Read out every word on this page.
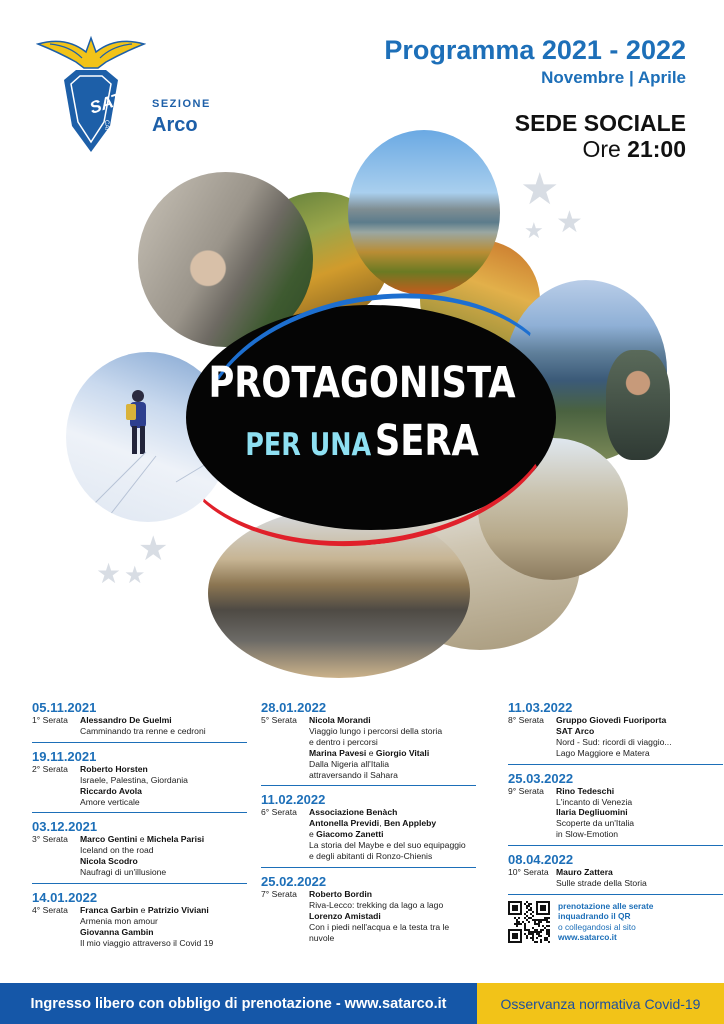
SAT
CAI
SEZIONE
Arco
Programma 2021 - 2022
Novembre | Aprile
SEDE SOCIALE
Ore 21:00
★
★
★
★
★ ★
PROTAGONISTA
PER UNA SERA
05.11.2021
1° Serata	Alessandro De Guelmi
Camminando tra renne e cedroni
19.11.2021
2° Serata	Roberto Horsten
Israele, Palestina, Giordania
Riccardo Avola
Amore verticale
03.12.2021
3° Serata	Marco Gentini e Michela Parisi
Iceland on the road
Nicola Scodro
Naufragi di un'illusione
14.01.2022
4° Serata	Franca Garbin e Patrizio Viviani
Armenia mon amour
Giovanna Gambin
Il mio viaggio attraverso il Covid 19
28.01.2022
5° Serata	Nicola Morandi
Viaggio lungo i percorsi della storia
e dentro i percorsi
Marina Pavesi e Giorgio Vitali
Dalla Nigeria all'Italia
attraversando il Sahara
11.02.2022
6° Serata	Associazione Benàch
Antonella Previdi, Ben Appleby
e Giacomo Zanetti
La storia del Maybe e del suo equipaggio
e degli abitanti di Ronzo-Chienis
25.02.2022
7° Serata	Roberto Bordin
Riva-Lecco: trekking da lago a lago
Lorenzo Amistadi
Con i piedi nell'acqua e la testa tra le nuvole
11.03.2022
8° Serata	Gruppo Giovedì Fuoriporta
SAT Arco
Nord - Sud: ricordi di viaggio...
Lago Maggiore e Matera
25.03.2022
9° Serata	Rino Tedeschi
L'incanto di Venezia
Ilaria Degliuomini
Scoperte da un'Italia
in Slow-Emotion
08.04.2022
10° Serata Mauro Zattera
Sulle strade della Storia
prenotazione alle serate
inquadrando il QR
o collegandosi al sito
www.satarco.it
Ingresso libero con obbligo di prenotazione - www.satarco.it	Osservanza normativa Covid-19
